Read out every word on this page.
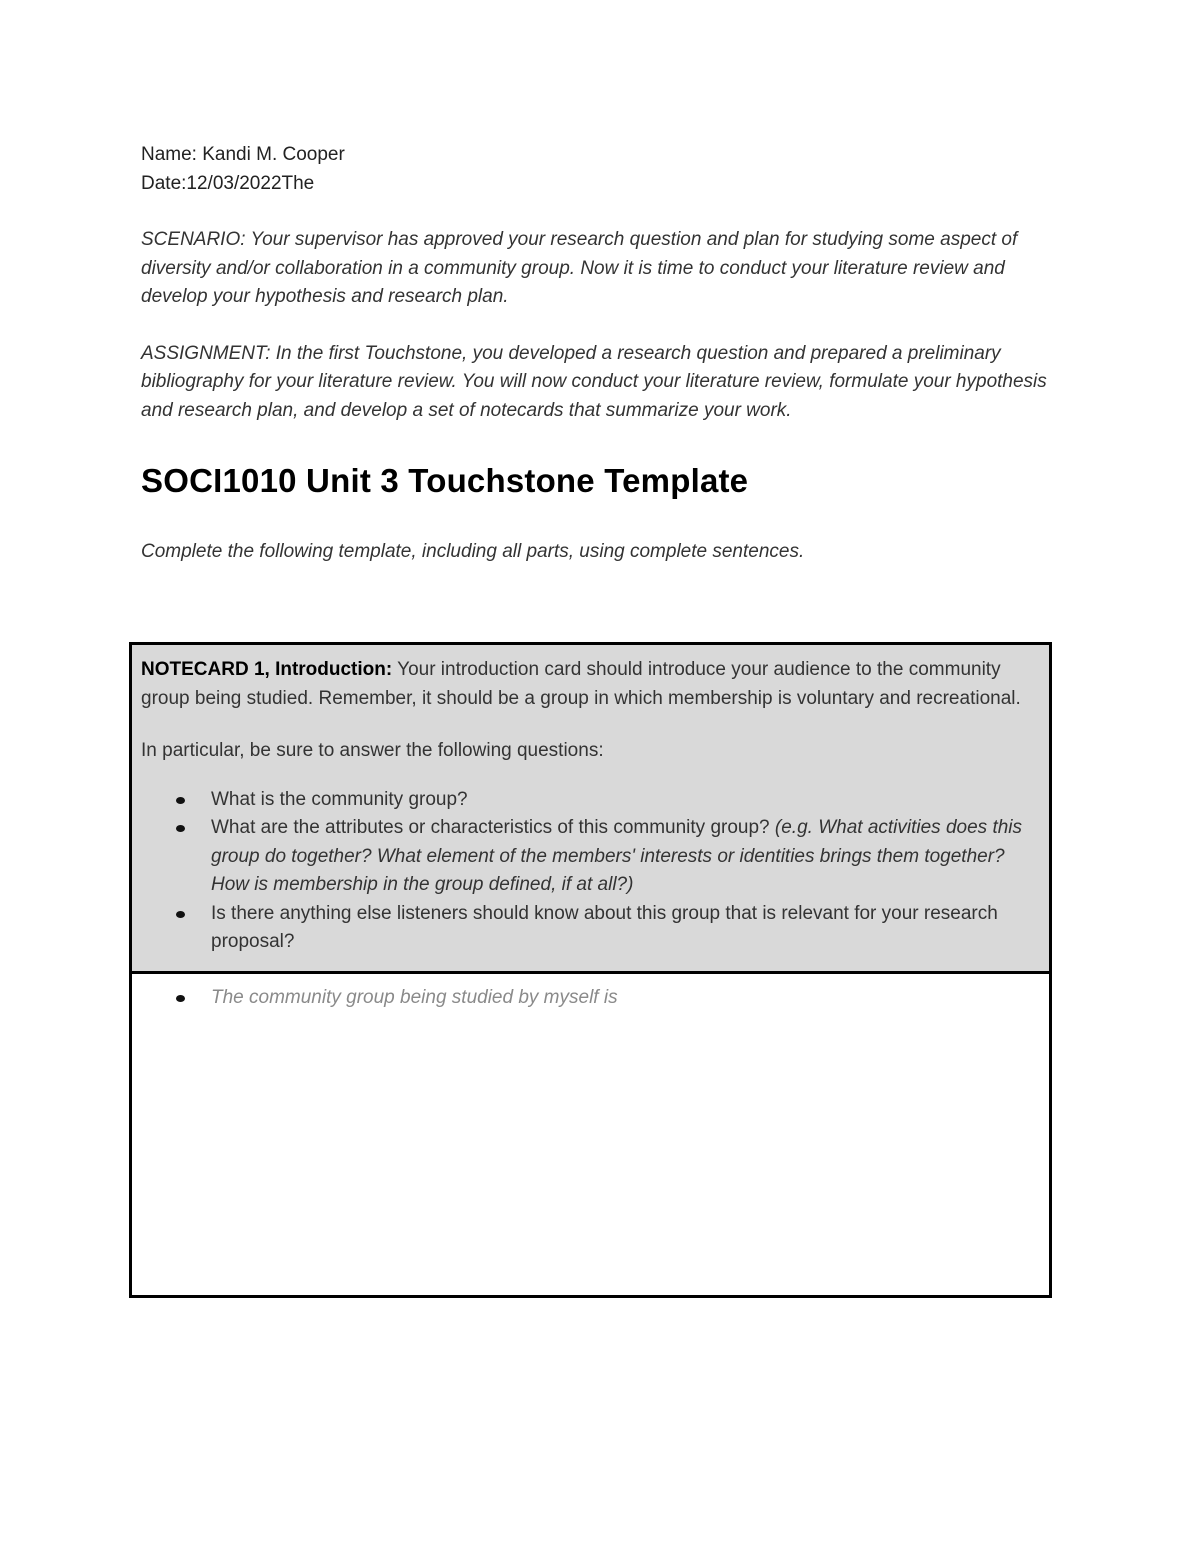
Name: Kandi M. Cooper

Date:12/03/2022The

SCENARIO: Your supervisor has approved your research question and plan for studying some aspect of diversity and/or collaboration in a community group. Now it is time to conduct your literature review and develop your hypothesis and research plan.

ASSIGNMENT: In the first Touchstone, you developed a research question and prepared a preliminary bibliography for your literature review. You will now conduct your literature review, formulate your hypothesis and research plan, and develop a set of notecards that summarize your work.

SOCI1010 Unit 3 Touchstone Template

Complete the following template, including all parts, using complete sentences.

NOTECARD 1, Introduction: Your introduction card should introduce your audience to the community group being studied. Remember, it should be a group in which membership is voluntary and recreational.

In particular, be sure to answer the following questions:

What is the community group?
What are the attributes or characteristics of this community group? (e.g. What activities does this group do together? What element of the members' interests or identities brings them together? How is membership in the group defined, if at all?)
Is there anything else listeners should know about this group that is relevant for your research proposal?
The community group being studied by myself is
